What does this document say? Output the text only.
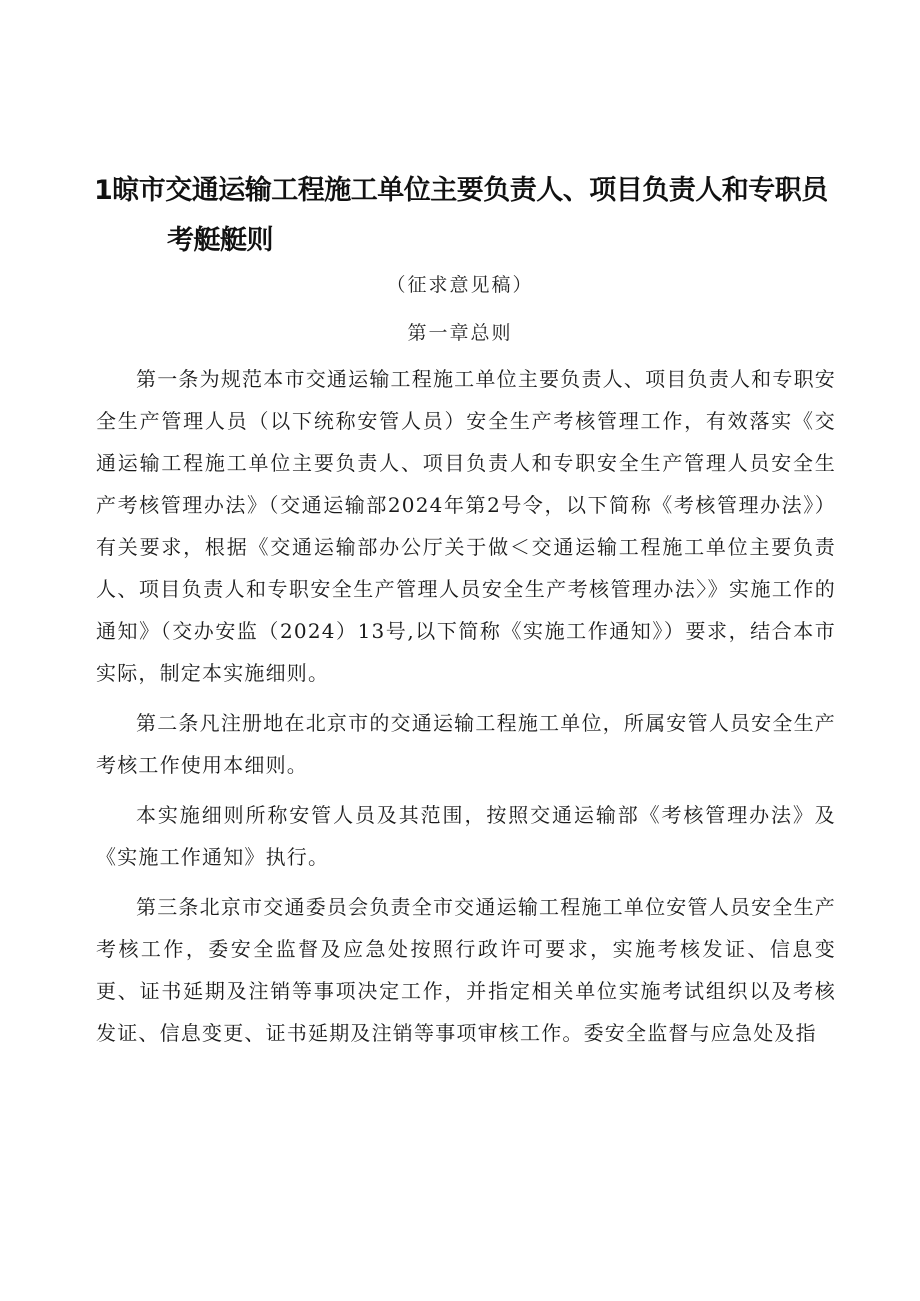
1晾市交通运输工程施工单位主要负责人、项目负责人和专职员
考艇艇则
（征求意见稿）
第一章总则

第一条为规范本市交通运输工程施工单位主要负责人、项目负责人和专职安全生产管理人员（以下统称安管人员）安全生产考核管理工作，有效落实《交通运输工程施工单位主要负责人、项目负责人和专职安全生产管理人员安全生产考核管理办法》（交通运输部2024年第2号令，以下简称《考核管理办法》）有关要求，根据《交通运输部办公厅关于做＜交通运输工程施工单位主要负责人、项目负责人和专职安全生产管理人员安全生产考核管理办法〉》实施工作的通知》（交办安监（2024）13号,以下简称《实施工作通知》）要求，结合本市实际，制定本实施细则。

第二条凡注册地在北京市的交通运输工程施工单位，所属安管人员安全生产考核工作使用本细则。

本实施细则所称安管人员及其范围，按照交通运输部《考核管理办法》及《实施工作通知》执行。

第三条北京市交通委员会负责全市交通运输工程施工单位安管人员安全生产考核工作，委安全监督及应急处按照行政许可要求，实施考核发证、信息变更、证书延期及注销等事项决定工作，并指定相关单位实施考试组织以及考核发证、信息变更、证书延期及注销等事项审核工作。委安全监督与应急处及指
